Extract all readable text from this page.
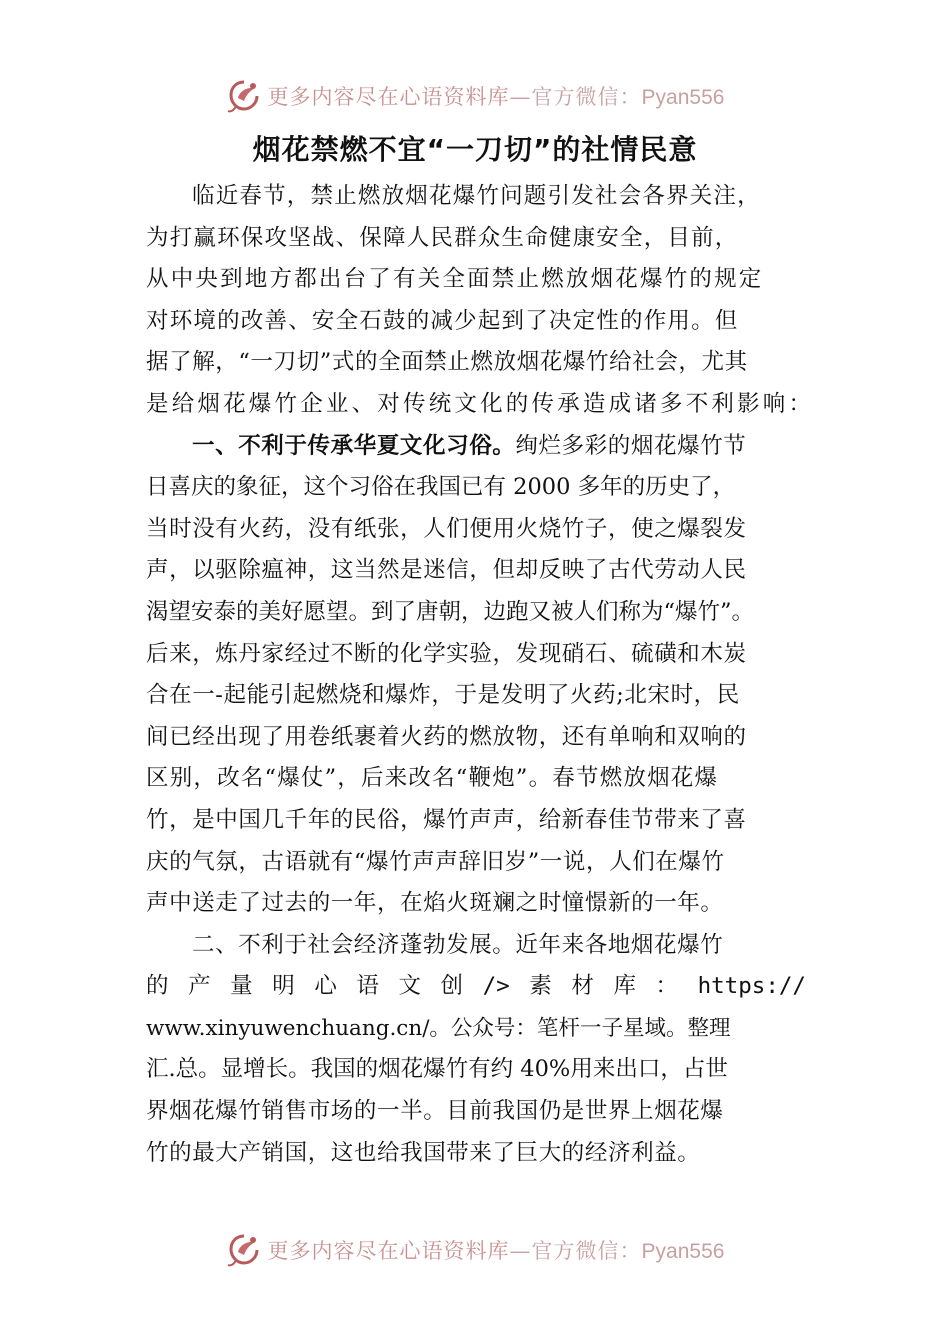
更多内容尽在心语资料库—官方微信：Pyan556
烟花禁燃不宜“一刀切”的社情民意
临近春节，禁止燃放烟花爆竹问题引发社会各界关注，
为打赢环保攻坚战、保障人民群众生命健康安全，目前，
从中央到地方都出台了有关全面禁止燃放烟花爆竹的规定
对环境的改善、安全石鼓的减少起到了决定性的作用。但
据了解，“一刀切”式的全面禁止燃放烟花爆竹给社会，尤其
是给烟花爆竹企业、对传统文化的传承造成诸多不利影响：
一、不利于传承华夏文化习俗。 绚烂多彩的烟花爆竹节
日喜庆的象征，这个习俗在我国已有 2000 多年的历史了，
当时没有火药，没有纸张，人们便用火烧竹子，使之爆裂发
声，以驱除瘟神，这当然是迷信，但却反映了古代劳动人民
渴望安泰的美好愿望。到了唐朝，边跑又被人们称为“爆竹”。
后来，炼丹家经过不断的化学实验，发现硝石、硫磺和木炭
合在一-起能引起燃烧和爆炸，于是发明了火药;北宋时，民
间已经出现了用卷纸裹着火药的燃放物，还有单响和双响的
区别，改名“爆仗”，后来改名“鞭炮”。春节燃放烟花爆
竹，是中国几千年的民俗，爆竹声声，给新春佳节带来了喜
庆的气氛，古语就有“爆竹声声辞旧岁”一说，人们在爆竹
声中送走了过去的一年，在焰火斑斓之时憧憬新的一年。
二、不利于社会经济蓬勃发展。近年来各地烟花爆竹
的 产 量 明 心 语 文 创 /> 素 材 库 ： https://
www.xinyuwenchuang.cn/。公众号：笔杆一子星域。整理
汇.总。显增长。我国的烟花爆竹有约 40%用来出口，占世
界烟花爆竹销售市场的一半。目前我国仍是世界上烟花爆
竹的最大产销国，这也给我国带来了巨大的经济利益。
更多内容尽在心语资料库—官方微信：Pyan556
